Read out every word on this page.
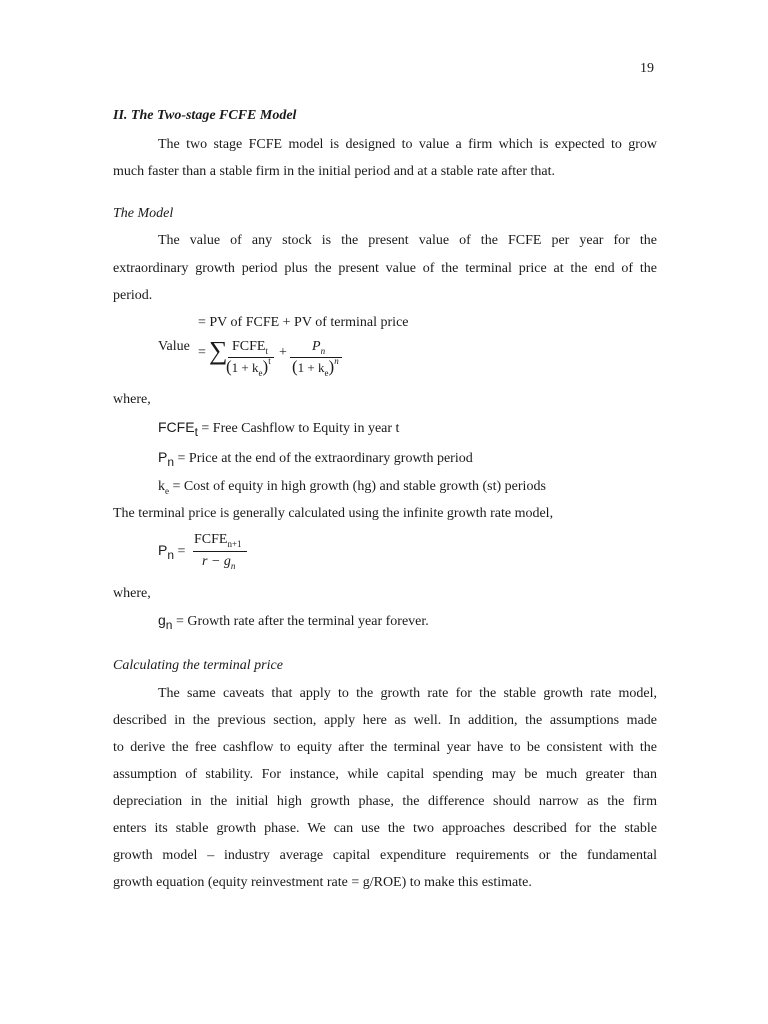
19
II. The Two-stage FCFE Model
The two stage FCFE model is designed to value a firm which is expected to grow
much faster than a stable firm in the initial period and at a stable rate after that.
The Model
The value of any stock is the present value of the FCFE per year for the
extraordinary growth period plus the present value of the terminal price at the end of the
period.
= PV of FCFE + PV of terminal price
Value = ∑ $FCFE_t$
$(1 + k_e)^t$
+ $P_n$
$(1 + k_e)^n$
where,
FCFEt = Free Cashflow to Equity in year t
Pn = Price at the end of the extraordinary growth period
$k_e$ = Cost of equity in high growth (hg) and stable growth (st) periods
The terminal price is generally calculated using the infinite growth rate model,
Pn =
$FCFE_{n+1}$
$r - g_n$
where,
gn = Growth rate after the terminal year forever.
Calculating the terminal price
The same caveats that apply to the growth rate for the stable growth rate model,
described in the previous section, apply here as well. In addition, the assumptions made
to derive the free cashflow to equity after the terminal year have to be consistent with the
assumption of stability. For instance, while capital spending may be much greater than
depreciation in the initial high growth phase, the difference should narrow as the firm
enters its stable growth phase. We can use the two approaches described for the stable
growth model – industry average capital expenditure requirements or the fundamental
growth equation (equity reinvestment rate = g/ROE) to make this estimate.
